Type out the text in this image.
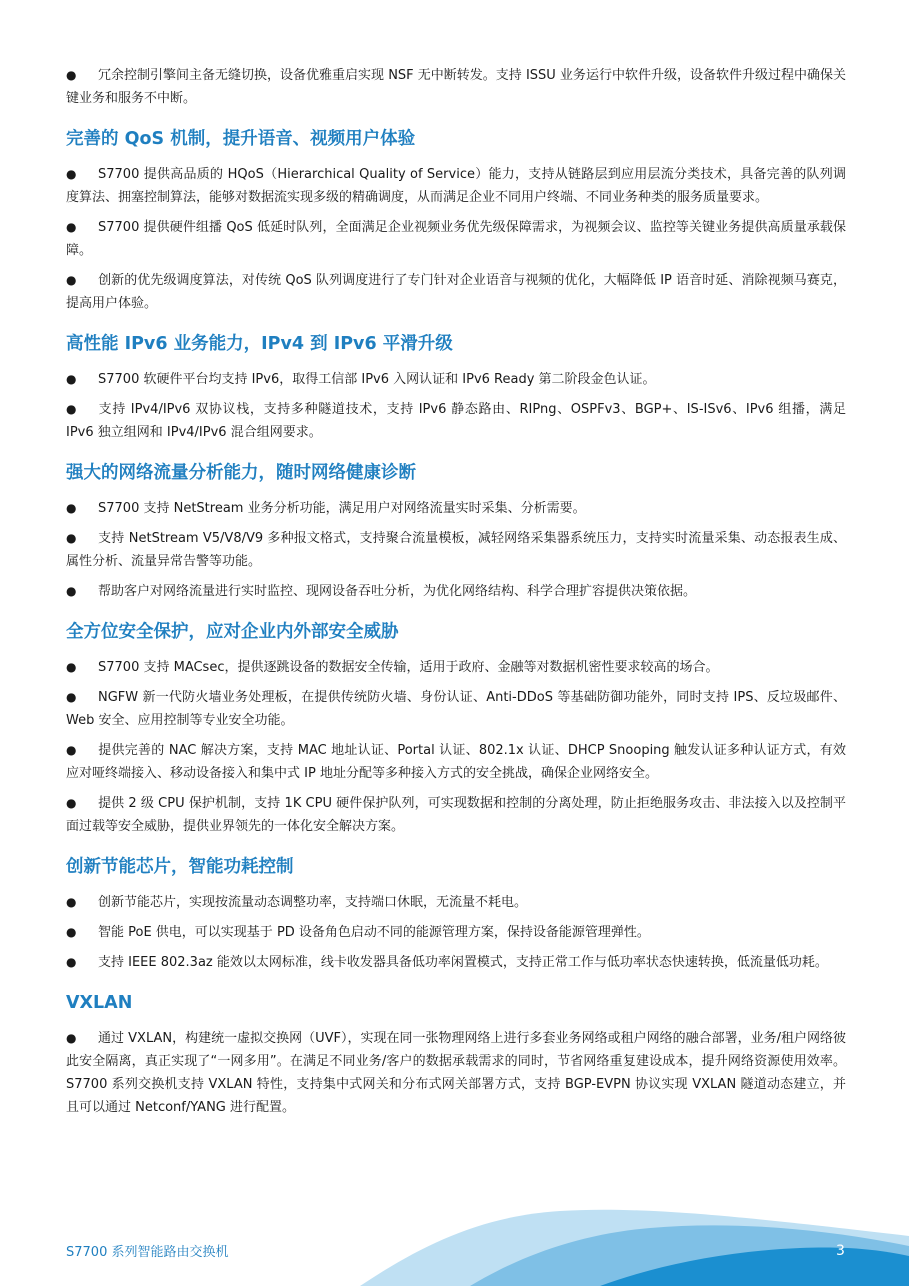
● 冗余控制引擎间主备无缝切换，设备优雅重启实现 NSF 无中断转发。支持 ISSU 业务运行中软件升级，设备软件升级过程中确保关键业务和服务不中断。
完善的 QoS 机制，提升语音、视频用户体验
● S7700 提供高品质的 HQoS（Hierarchical Quality of Service）能力，支持从链路层到应用层流分类技术，具备完善的队列调度算法、拥塞控制算法，能够对数据流实现多级的精确调度，从而满足企业不同用户终端、不同业务种类的服务质量要求。
● S7700 提供硬件组播 QoS 低延时队列，全面满足企业视频业务优先级保障需求，为视频会议、监控等关键业务提供高质量承载保障。
● 创新的优先级调度算法，对传统 QoS 队列调度进行了专门针对企业语音与视频的优化，大幅降低 IP 语音时延、消除视频马赛克，提高用户体验。
高性能 IPv6 业务能力，IPv4 到 IPv6 平滑升级
● S7700 软硬件平台均支持 IPv6，取得工信部 IPv6 入网认证和 IPv6 Ready 第二阶段金色认证。
● 支持 IPv4/IPv6 双协议栈，支持多种隧道技术，支持 IPv6 静态路由、RIPng、OSPFv3、BGP+、IS-ISv6、IPv6 组播，满足 IPv6 独立组网和 IPv4/IPv6 混合组网要求。
强大的网络流量分析能力，随时网络健康诊断
● S7700 支持 NetStream 业务分析功能，满足用户对网络流量实时采集、分析需要。
● 支持 NetStream V5/V8/V9 多种报文格式，支持聚合流量模板，减轻网络采集器系统压力，支持实时流量采集、动态报表生成、属性分析、流量异常告警等功能。
● 帮助客户对网络流量进行实时监控、现网设备吞吐分析，为优化网络结构、科学合理扩容提供决策依据。
全方位安全保护，应对企业内外部安全威胁
● S7700 支持 MACsec，提供逐跳设备的数据安全传输，适用于政府、金融等对数据机密性要求较高的场合。
● NGFW 新一代防火墙业务处理板，在提供传统防火墙、身份认证、Anti-DDoS 等基础防御功能外，同时支持 IPS、反垃圾邮件、Web 安全、应用控制等专业安全功能。
● 提供完善的 NAC 解决方案，支持 MAC 地址认证、Portal 认证、802.1x 认证、DHCP Snooping 触发认证多种认证方式，有效应对哑终端接入、移动设备接入和集中式 IP 地址分配等多种接入方式的安全挑战，确保企业网络安全。
● 提供 2 级 CPU 保护机制，支持 1K CPU 硬件保护队列，可实现数据和控制的分离处理，防止拒绝服务攻击、非法接入以及控制平面过载等安全威胁，提供业界领先的一体化安全解决方案。
创新节能芯片，智能功耗控制
● 创新节能芯片，实现按流量动态调整功率，支持端口休眠，无流量不耗电。
● 智能 PoE 供电，可以实现基于 PD 设备角色启动不同的能源管理方案，保持设备能源管理弹性。
● 支持 IEEE 802.3az 能效以太网标准，线卡收发器具备低功率闲置模式，支持正常工作与低功率状态快速转换，低流量低功耗。
VXLAN
● 通过 VXLAN，构建统一虚拟交换网（UVF），实现在同一张物理网络上进行多套业务网络或租户网络的融合部署，业务/租户网络彼此安全隔离，真正实现了“一网多用”。在满足不同业务/客户的数据承载需求的同时，节省网络重复建设成本，提升网络资源使用效率。S7700 系列交换机支持 VXLAN 特性，支持集中式网关和分布式网关部署方式，支持 BGP-EVPN 协议实现 VXLAN 隧道动态建立，并且可以通过 Netconf/YANG 进行配置。
S7700 系列智能路由交换机	3
